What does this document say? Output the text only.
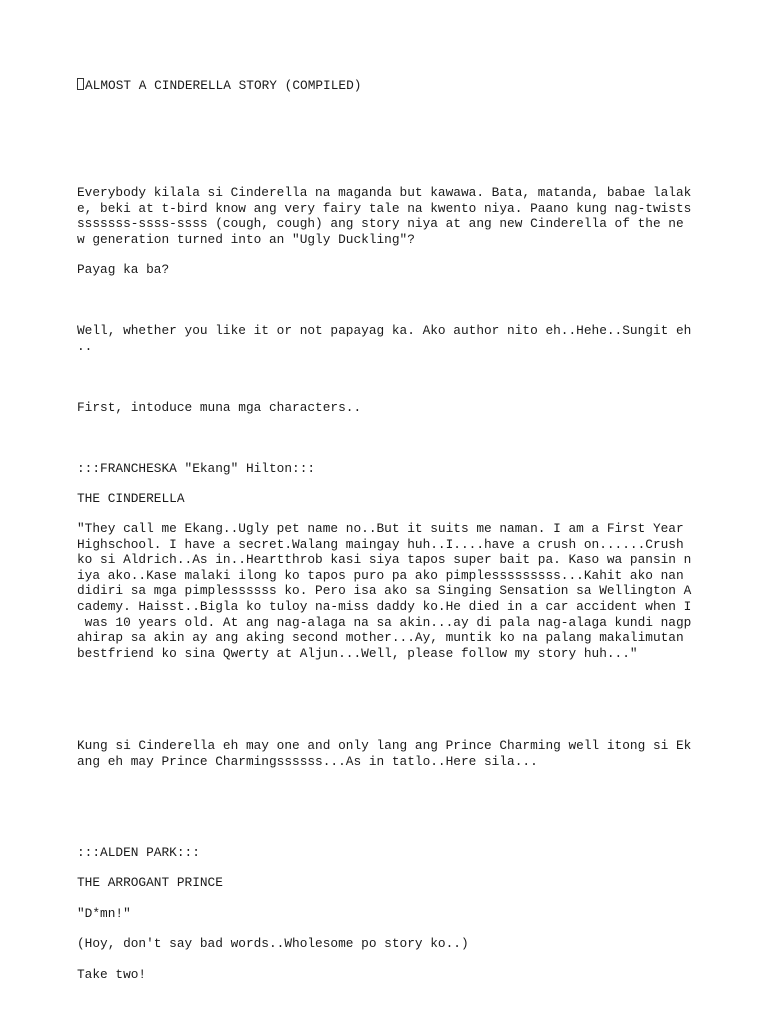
ALMOST A CINDERELLA STORY (COMPILED)

Everybody kilala si Cinderella na maganda but kawawa. Bata, matanda, babae lalak

e, beki at t-bird know ang very fairy tale na kwento niya. Paano kung nag-twists

sssssss-ssss-ssss (cough, cough) ang story niya at ang new Cinderella of the ne

w generation turned into an "Ugly Duckling"?

Payag ka ba?

Well, whether you like it or not papayag ka. Ako author nito eh..Hehe..Sungit eh

..

First, intoduce muna mga characters..

:::FRANCHESKA "Ekang" Hilton:::

THE CINDERELLA

"They call me Ekang..Ugly pet name no..But it suits me naman. I am a First Year

Highschool. I have a secret.Walang maingay huh..I....have a crush on......Crush

ko si Aldrich..As in..Heartthrob kasi siya tapos super bait pa. Kaso wa pansin n

iya ako..Kase malaki ilong ko tapos puro pa ako pimplesssssssss...Kahit ako nan

didiri sa mga pimplessssss ko. Pero isa ako sa Singing Sensation sa Wellington A

cademy. Haisst..Bigla ko tuloy na-miss daddy ko.He died in a car accident when I

was 10 years old. At ang nag-alaga na sa akin...ay di pala nag-alaga kundi nagp

ahirap sa akin ay ang aking second mother...Ay, muntik ko na palang makalimutan

bestfriend ko sina Qwerty at Aljun...Well, please follow my story huh..."

Kung si Cinderella eh may one and only lang ang Prince Charming well itong si Ek

ang eh may Prince Charmingssssss...As in tatlo..Here sila...

:::ALDEN PARK:::

THE ARROGANT PRINCE

"D*mn!"

(Hoy, don't say bad words..Wholesome po story ko..)

Take two!
